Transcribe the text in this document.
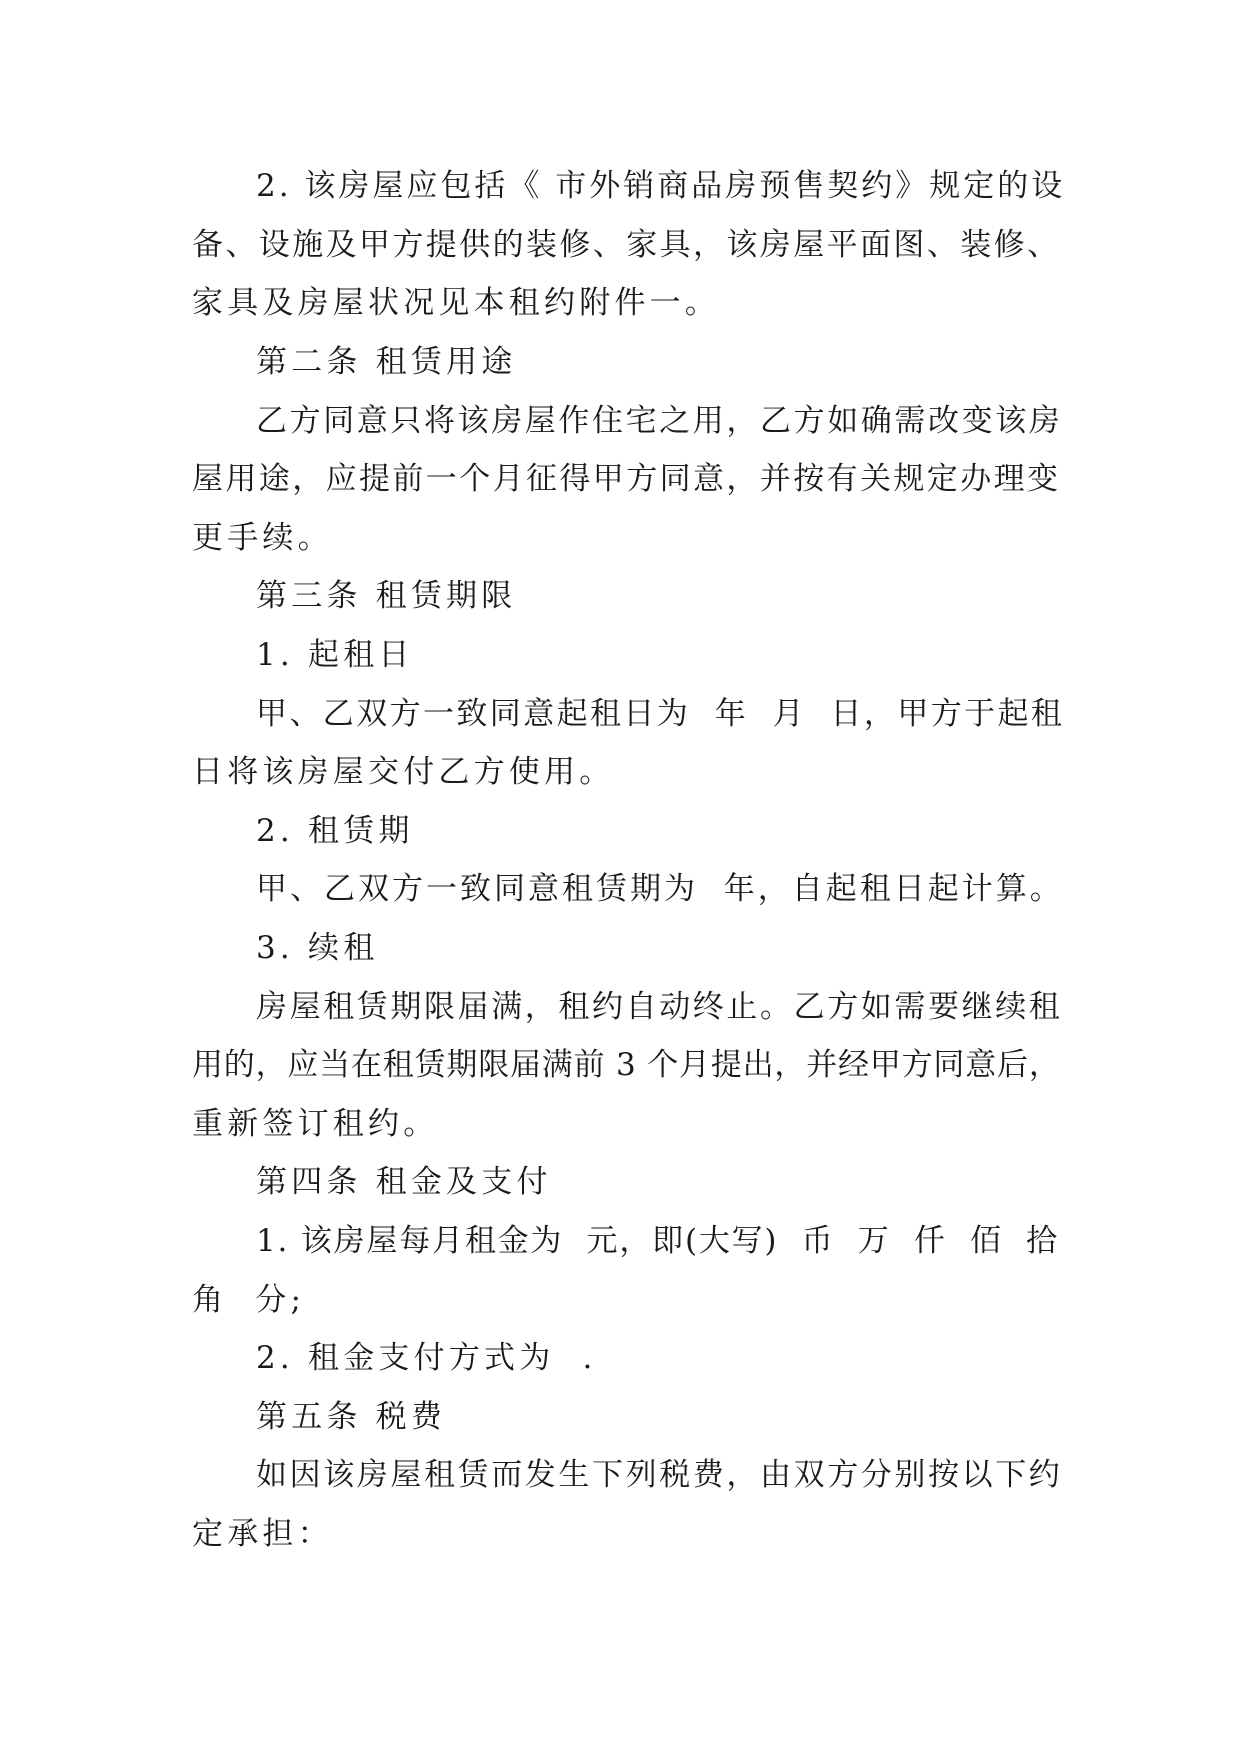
2. 该房屋应包括《 市外销商品房预售契约》规定的设
备、设施及甲方提供的装修、家具，该房屋平面图、装修、
家具及房屋状况见本租约附件一。
第二条 租赁用途
乙方同意只将该房屋作住宅之用，乙方如确需改变该房
屋用途，应提前一个月征得甲方同意，并按有关规定办理变
更手续。
第三条 租赁期限
1. 起租日
甲、乙双方一致同意起租日为  年  月  日，甲方于起租
日将该房屋交付乙方使用。
2. 租赁期
甲、乙双方一致同意租赁期为  年，自起租日起计算。
3. 续租
房屋租赁期限届满，租约自动终止。乙方如需要继续租
用的，应当在租赁期限届满前 3 个月提出，并经甲方同意后，
重新签订租约。
第四条 租金及支付
1. 该房屋每月租金为  元，即(大写)  币  万  仟  佰  拾
角  分;
2. 租金支付方式为  .
第五条 税费
如因该房屋租赁而发生下列税费，由双方分别按以下约
定承担：
